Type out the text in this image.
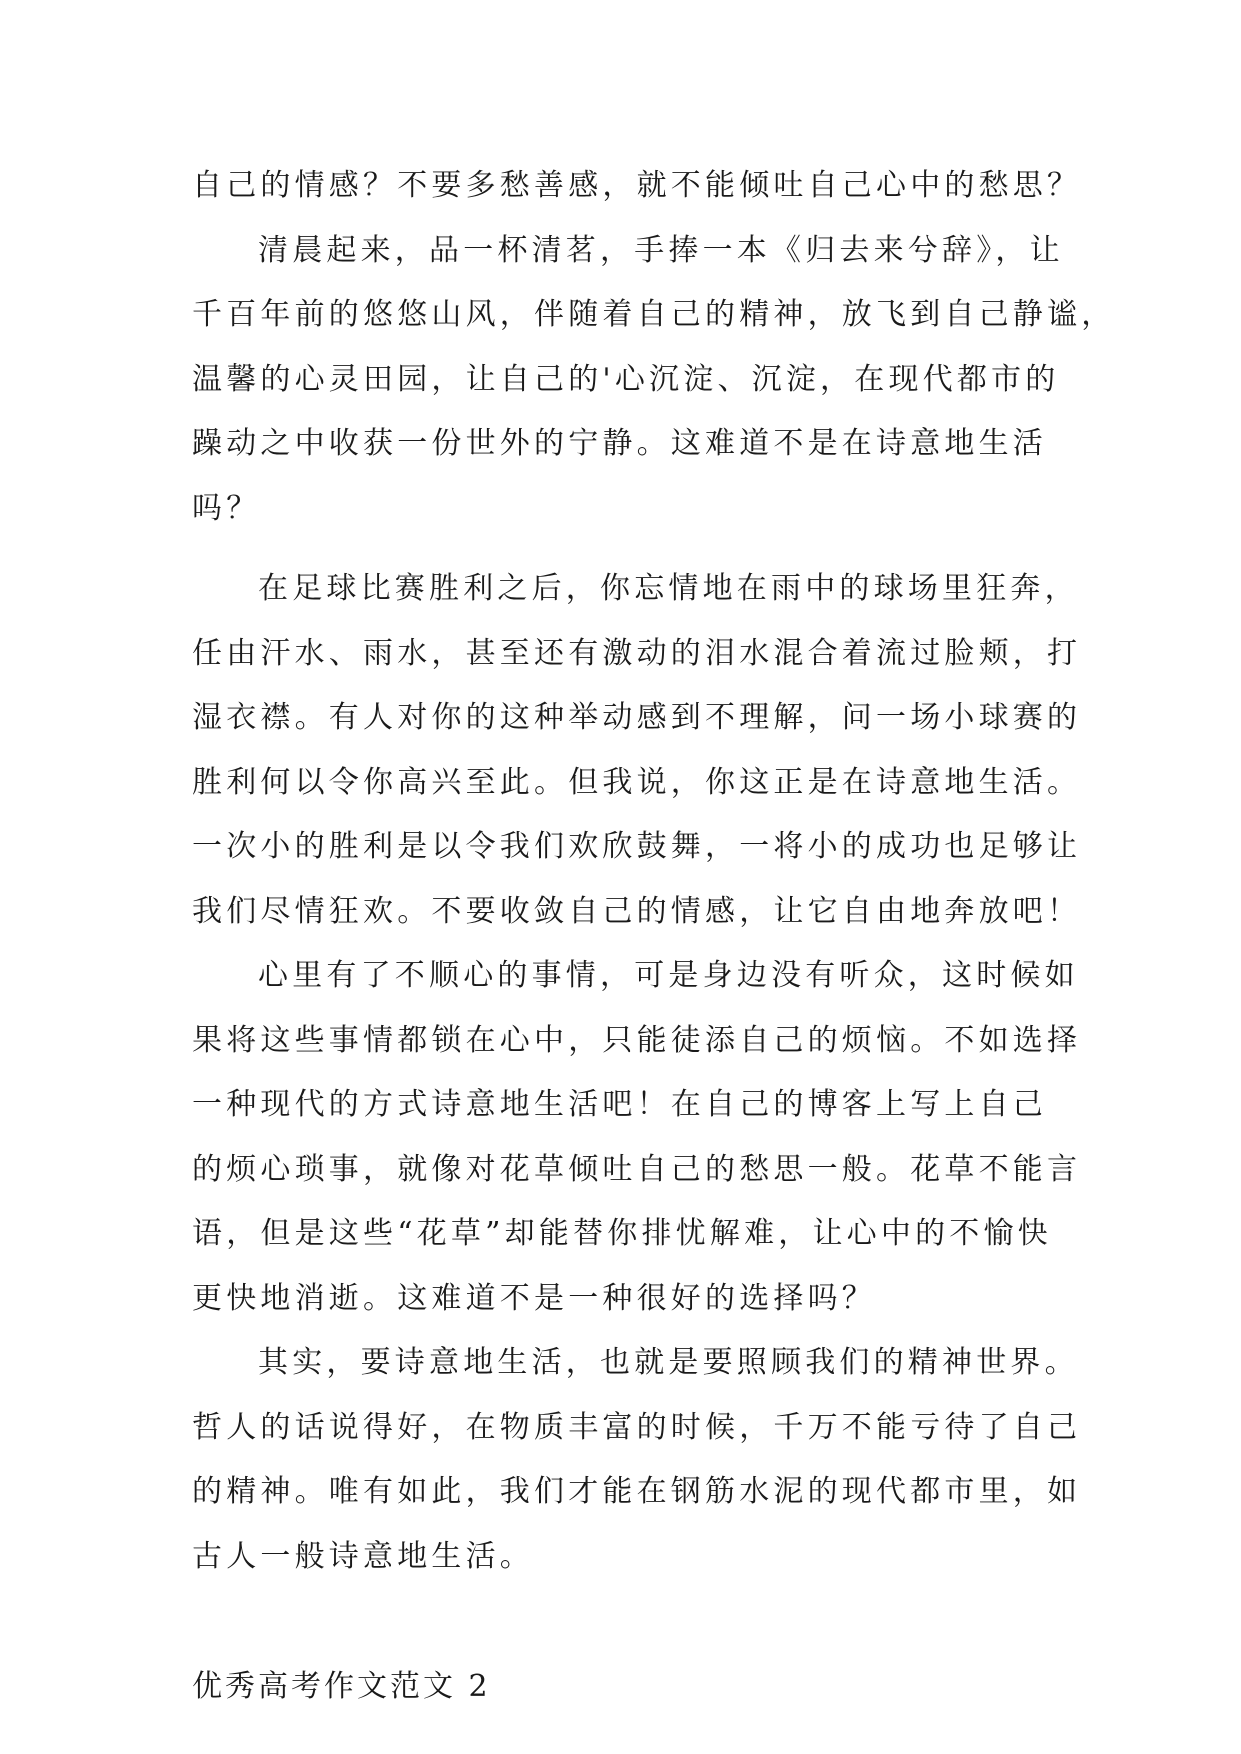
自己的情感？不要多愁善感，就不能倾吐自己心中的愁思？
清晨起来，品一杯清茗，手捧一本《归去来兮辞》，让
千百年前的悠悠山风，伴随着自己的精神，放飞到自己静谧，
温馨的心灵田园，让自己的'心沉淀、沉淀，在现代都市的
躁动之中收获一份世外的宁静。这难道不是在诗意地生活
吗？
在足球比赛胜利之后，你忘情地在雨中的球场里狂奔，
任由汗水、雨水，甚至还有激动的泪水混合着流过脸颊，打
湿衣襟。有人对你的这种举动感到不理解，问一场小球赛的
胜利何以令你高兴至此。但我说，你这正是在诗意地生活。
一次小的胜利是以令我们欢欣鼓舞，一将小的成功也足够让
我们尽情狂欢。不要收敛自己的情感，让它自由地奔放吧！
心里有了不顺心的事情，可是身边没有听众，这时候如
果将这些事情都锁在心中，只能徒添自己的烦恼。不如选择
一种现代的方式诗意地生活吧！在自己的博客上写上自己
的烦心琐事，就像对花草倾吐自己的愁思一般。花草不能言
语，但是这些“花草”却能替你排忧解难，让心中的不愉快
更快地消逝。这难道不是一种很好的选择吗？
其实，要诗意地生活，也就是要照顾我们的精神世界。
哲人的话说得好，在物质丰富的时候，千万不能亏待了自己
的精神。唯有如此，我们才能在钢筋水泥的现代都市里，如
古人一般诗意地生活。
优秀高考作文范文 2
